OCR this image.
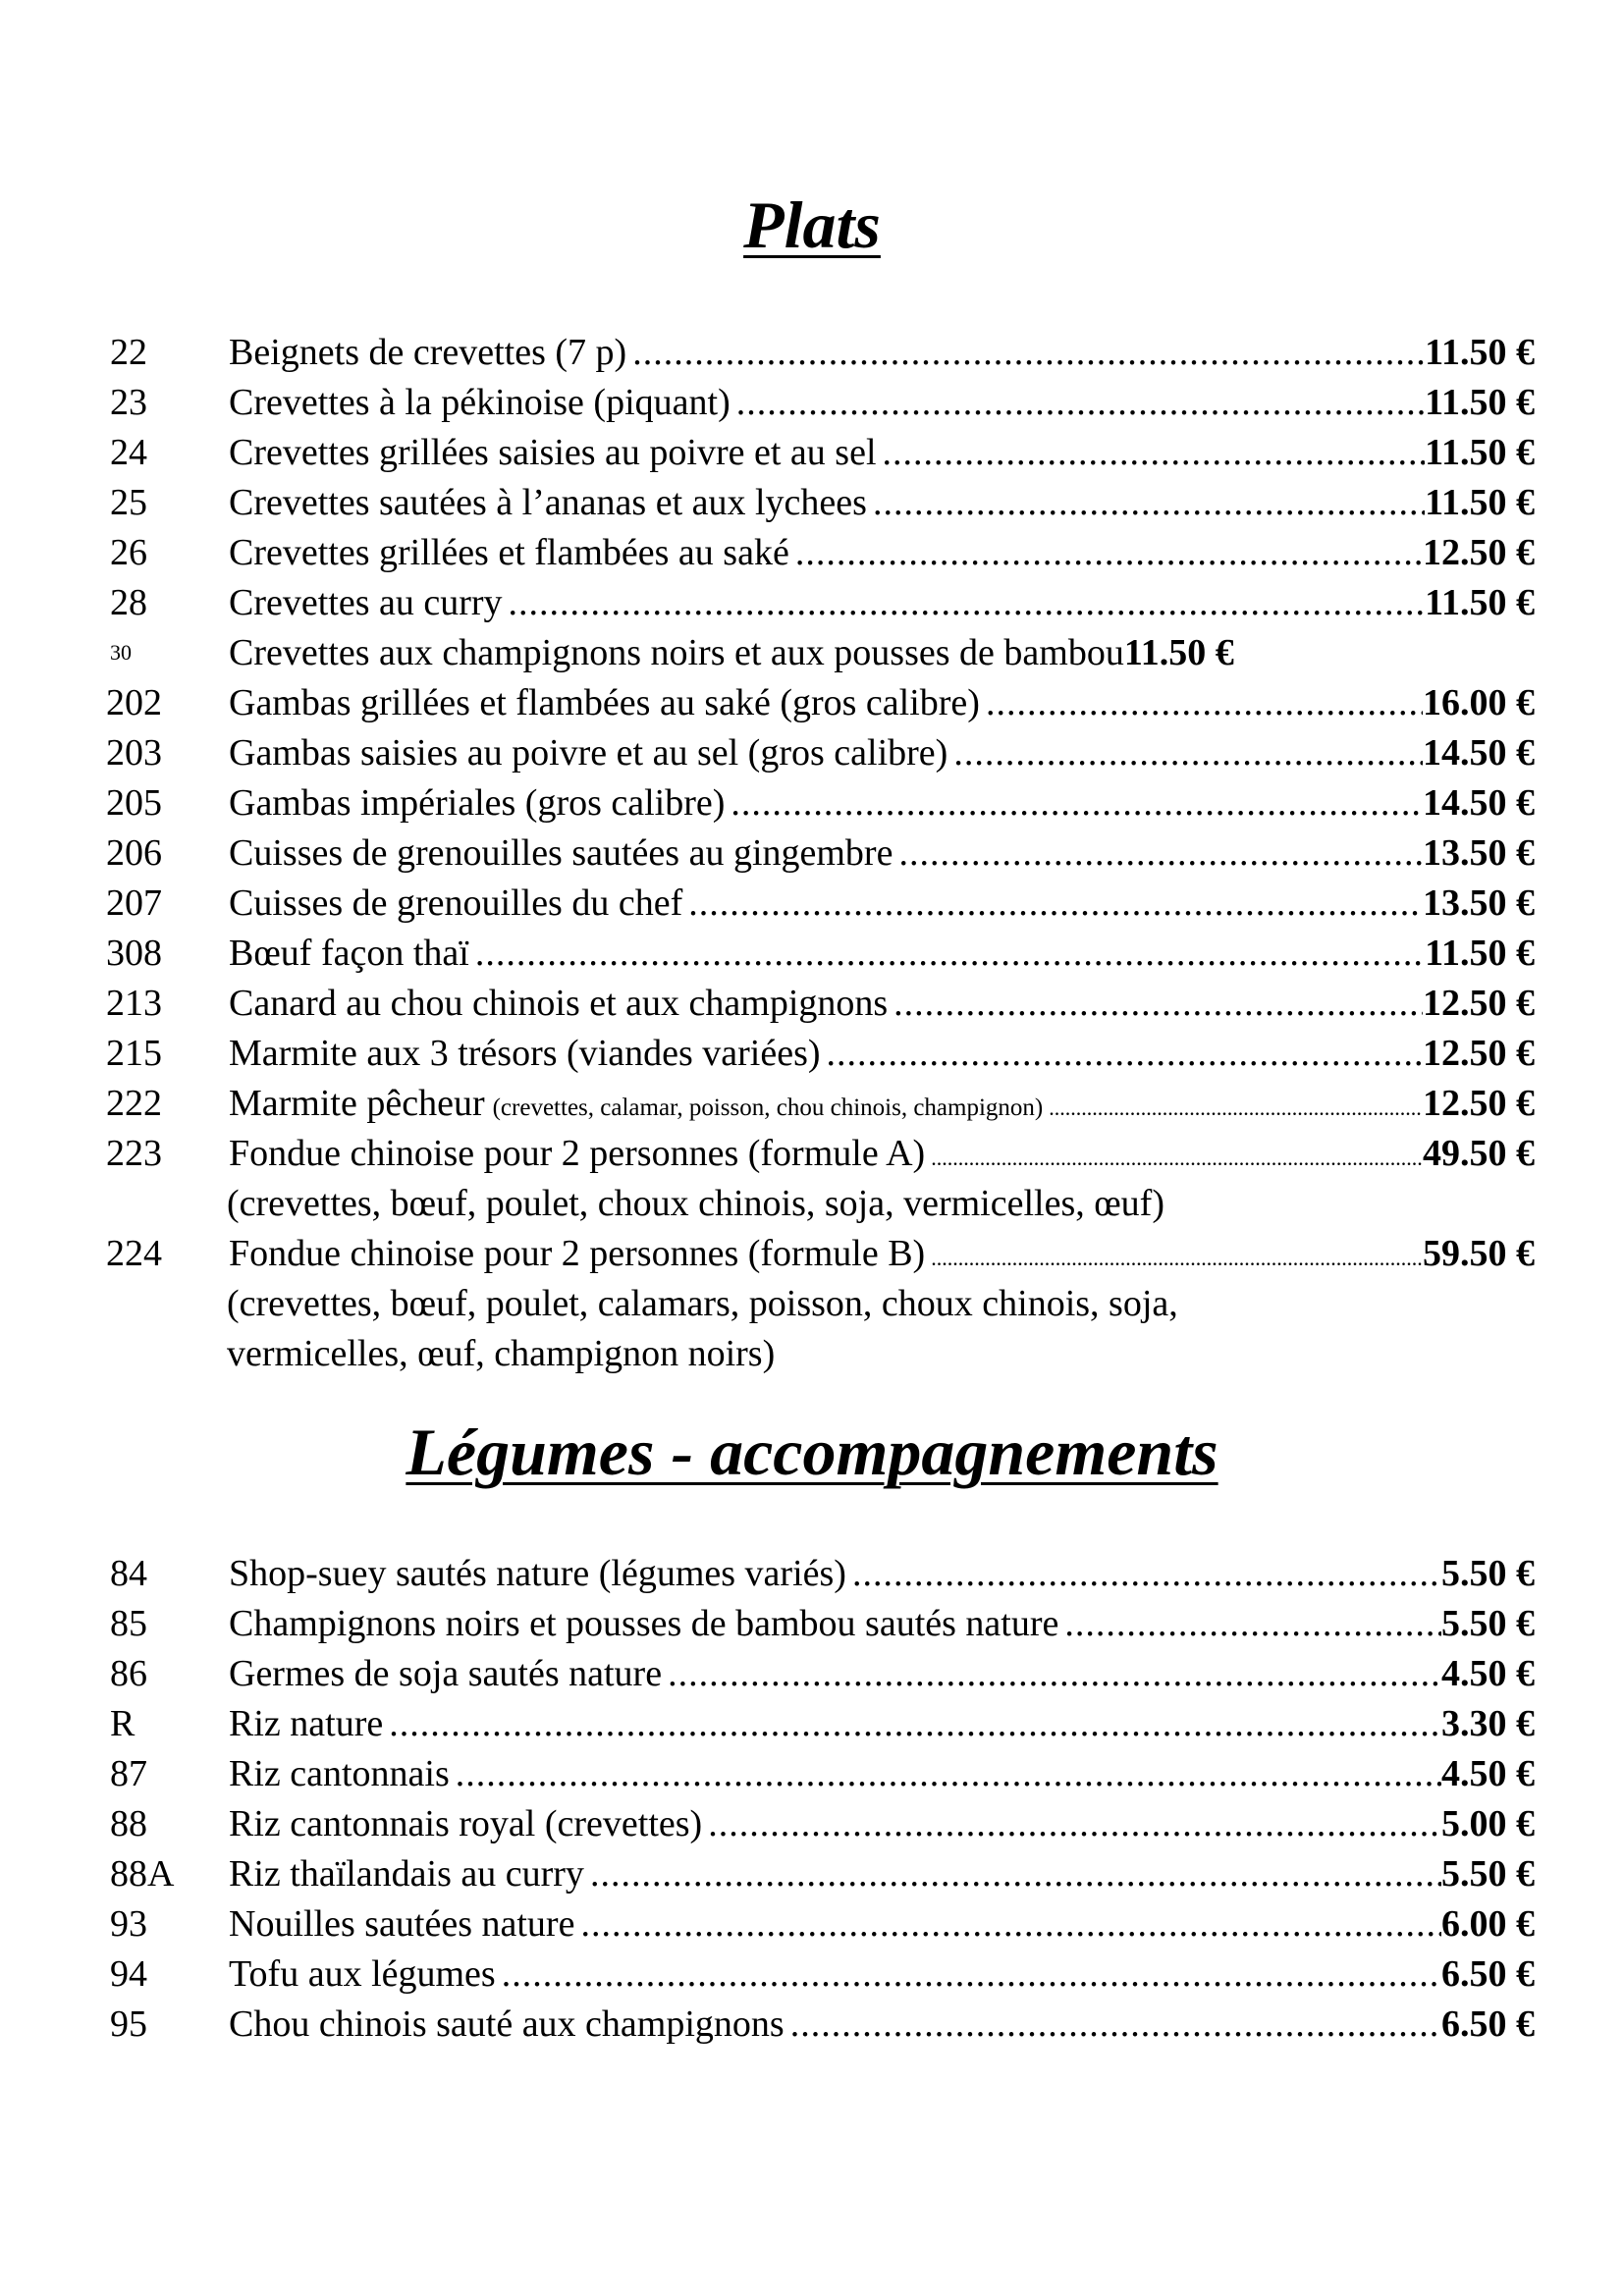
Plats
22	Beignets de crevettes (7 p) .....	11.50 €
23	Crevettes à la pékinoise (piquant) .....	11.50 €
24	Crevettes grillées saisies au poivre et au sel .....	11.50 €
25	Crevettes sautées à l’ananas et aux lychees .....	11.50 €
26	Crevettes grillées et flambées au saké .....	12.50 €
28	Crevettes au curry .....	11.50 €
30	Crevettes aux champignons noirs et aux pousses de bambou 11.50 €
202	Gambas grillées et flambées au saké (gros calibre) .....	16.00 €
203	Gambas saisies au poivre et au sel (gros calibre) .....	14.50 €
205	Gambas impériales (gros calibre) .....	14.50 €
206	Cuisses de grenouilles sautées au gingembre .....	13.50 €
207	Cuisses de grenouilles du chef .....	13.50 €
308	Bœuf façon thaï .....	11.50 €
213	Canard au chou chinois et aux champignons .....	12.50 €
215	Marmite aux 3 trésors (viandes variées) .....	12.50 €
222	Marmite pêcheur (crevettes, calamar, poisson, chou chinois, champignon) .....	12.50 €
223	Fondue chinoise pour 2 personnes (formule A) .....	49.50 €
(crevettes, bœuf, poulet, choux chinois, soja, vermicelles, œuf)
224	Fondue chinoise pour 2 personnes (formule B) .....	59.50 €
(crevettes, bœuf, poulet, calamars, poisson, choux chinois, soja,
vermicelles, œuf, champignon noirs)
Légumes - accompagnements
84	Shop-suey sautés nature (légumes variés) .....	5.50 €
85	Champignons noirs et pousses de bambou sautés nature .....	5.50 €
86	Germes de soja sautés nature .....	4.50 €
R	Riz nature .....	3.30 €
87	Riz cantonnais .....	4.50 €
88	Riz cantonnais royal (crevettes) .....	5.00 €
88A	Riz thaïlandais au curry .....	5.50 €
93	Nouilles sautées nature .....	6.00 €
94	Tofu aux légumes .....	6.50 €
95	Chou chinois sauté aux champignons .....	6.50 €
